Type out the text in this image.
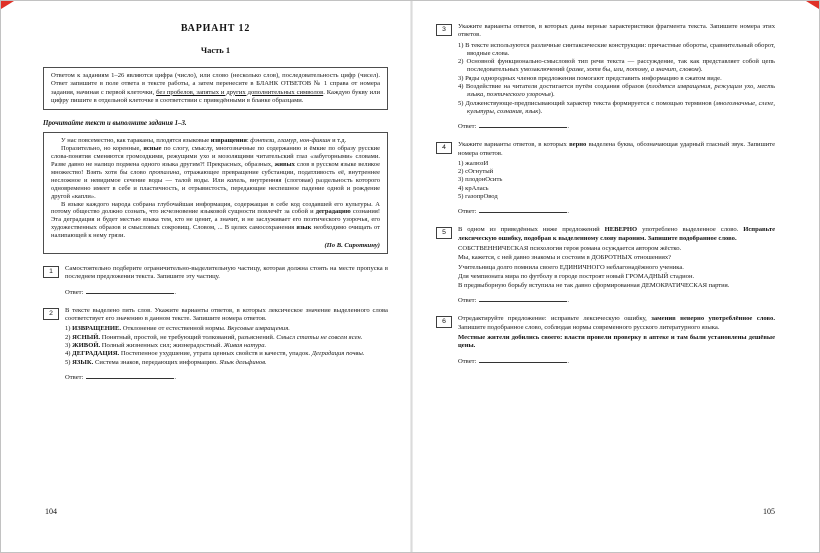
ВАРИАНТ 12
Часть 1

Ответом к заданиям 1–26 являются цифра (число), или слово (несколько слов), последовательность цифр (чисел). Ответ запишите в поле ответа в тексте работы, а затем перенесите в БЛАНК ОТВЕТОВ № 1 справа от номера задания, начиная с первой клеточки, без пробелов, запятых и других дополнительных символов. Каждую букву или цифру пишите в отдельной клеточке в соответствии с приведёнными в бланке образцами.

Прочитайте текст и выполните задания 1–3.

У нас повсеместно, как тараканы, плодятся языковые извращения: фэнтези, гламур, нон-фикшн и т.д.

Поразительно, но коренные, ясные по слогу, смыслу, многозначные по содержанию и ёмкие по образу русские слова-понятия сменяются громоздкими, режущими ухо и мозолящими читательский глаз «забугорными» словами. Разве давно не налицо подмена одного языка другим?! Прекрасных, образных, живых слов в русском языке великое множество! Взять хотя бы слово проталина, отражающее превращение субстанции, податливость её, внутреннее несложное и невидимое сечение воды — талой воды. Или капель, внутренняя (слоговая) раздельность которого одновременно имеет в себе и пластичность, и отрывистость, передающие неспешное падение одной и рождение другой «капли».

В языке каждого народа собрана глубочайшая информация, содержащая в себе код создавшей его культуры. А потому общество должно сознать, что исчезновение языковой сущности повлечёт за собой и деградацию сознания! Эта деградация и будет местью языка тем, кто не ценит, а значит, и не заслуживает его поэтического узорочья, его художественных образов и смысловых сокровищ. Словом, ... В целях самосохранения язык необходимо очищать от налипающей к нему грязи.

(По В. Сироткину)

1	Самостоятельно подберите ограничительно-выделительную частицу, которая должна стоять на месте пропуска в последнем предложении текста. Запишите эту частицу.

Ответ:	.

2	В тексте выделено пять слов. Укажите варианты ответов, в которых лексическое значение выделенного слова соответствует его значению в данном тексте. Запишите номера ответов.

1) ИЗВРАЩЕНИЕ. Отклонение от естественной нормы. Вкусовые извращения.

2) ЯСНЫЙ. Понятный, простой, не требующий толкований, разъяснений. Смысл статьи не совсем ясен.

3) ЖИВОЙ. Полный жизненных сил; жизнерадостный. Живая натура.

4) ДЕГРАДАЦИЯ. Постепенное ухудшение, утрата ценных свойств и качеств, упадок. Деградация почвы.

5) ЯЗЫК. Система знаков, передающих информацию. Язык дельфинов.

Ответ:	.

104
3	Укажите варианты ответов, в которых даны верные характеристики фрагмента текста. Запишите номера этих ответов.

1) В тексте используются различные синтаксические конструкции: причастные обороты, сравнительный оборот, вводные слова.

2) Основной функционально-смысловой тип речи текста — рассуждение, так как представляет собой цепь последовательных умозаключений (разве, хотя бы, или, потому, а значит, словом).

3) Ряды однородных членов предложения помогают представить информацию в сжатом виде.

4) Воздействие на читателя достигается путём создания образов (плодятся извращения, режущим ухо, месть языка, поэтического узорочья).

5) Долженствующе-предписывающий характер текста формируется с помощью терминов (многозначные, сленг, культуры, сознания, язык).

Ответ:	.

4	Укажите варианты ответов, в которых верно выделена буква, обозначающая ударный гласный звук. Запишите номера ответов.

1) жалюзИ

2) сОгнутый

3) плодонОсить

4) крАлась

5) газопрОвод

Ответ:	.

5	В одном из приведённых ниже предложений НЕВЕРНО употреблено выделенное слово. Исправьте лексическую ошибку, подобрав к выделенному слову пароним. Запишите подобранное слово.

СОБСТВЕННИЧЕСКАЯ психология героя романа осуждается автором жёстко.

Мы, кажется, с ней давно знакомы и состоим в ДОБРОТНЫХ отношениях?

Учительница долго помнила своего ЕДИНИЧНОГО неблагонадёжного ученика.

Для чемпионата мира по футболу в городе построят новый ГРОМАДНЫЙ стадион.

В предвыборную борьбу вступила не так давно сформированная ДЕМОКРАТИЧЕСКАЯ партия.

Ответ:	.

6	Отредактируйте предложение: исправьте лексическую ошибку, заменив неверно употреблённое слово. Запишите подобранное слово, соблюдая нормы современного русского литературного языка.

Местные жители добились своего: власти провели проверку в аптеке и там были установлены дешёвые цены.

Ответ:	.

105
